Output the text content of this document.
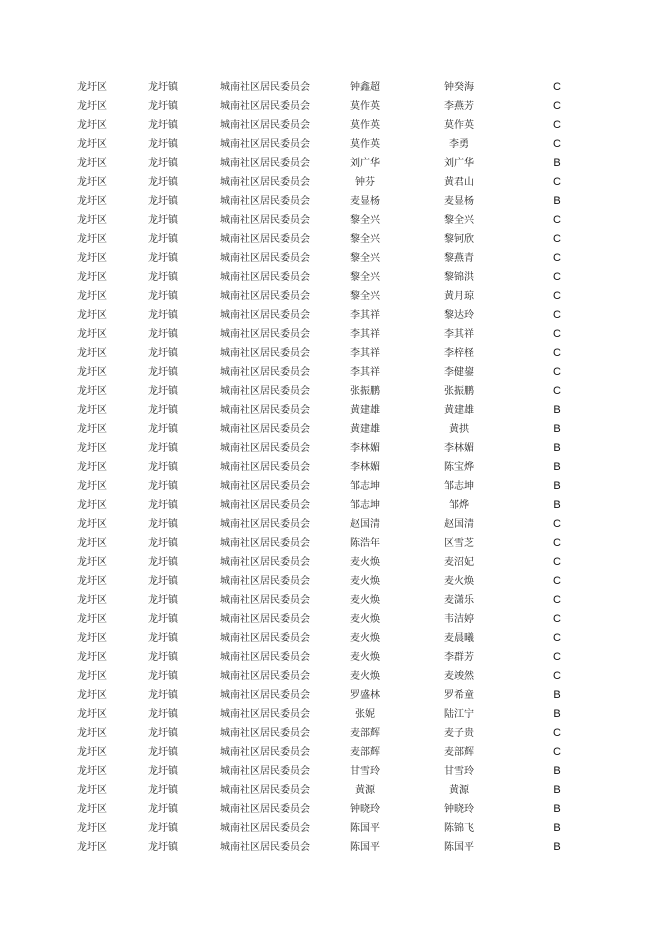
龙圩区	龙圩镇	城南社区居民委员会	钟鑫超	钟癸海	C
龙圩区	龙圩镇	城南社区居民委员会	莫作英	李燕芳	C
龙圩区	龙圩镇	城南社区居民委员会	莫作英	莫作英	C
龙圩区	龙圩镇	城南社区居民委员会	莫作英	李勇	C
龙圩区	龙圩镇	城南社区居民委员会	刘广华	刘广华	B
龙圩区	龙圩镇	城南社区居民委员会	钟芬	黄君山	C
龙圩区	龙圩镇	城南社区居民委员会	麦显杨	麦显杨	B
龙圩区	龙圩镇	城南社区居民委员会	黎全兴	黎全兴	C
龙圩区	龙圩镇	城南社区居民委员会	黎全兴	黎钶欣	C
龙圩区	龙圩镇	城南社区居民委员会	黎全兴	黎燕青	C
龙圩区	龙圩镇	城南社区居民委员会	黎全兴	黎锦洪	C
龙圩区	龙圩镇	城南社区居民委员会	黎全兴	黄月琼	C
龙圩区	龙圩镇	城南社区居民委员会	李其祥	黎达玲	C
龙圩区	龙圩镇	城南社区居民委员会	李其祥	李其祥	C
龙圩区	龙圩镇	城南社区居民委员会	李其祥	李梓柽	C
龙圩区	龙圩镇	城南社区居民委员会	李其祥	李健鋆	C
龙圩区	龙圩镇	城南社区居民委员会	张振鹏	张振鹏	C
龙圩区	龙圩镇	城南社区居民委员会	黄建雄	黄建雄	B
龙圩区	龙圩镇	城南社区居民委员会	黄建雄	黄拱	B
龙圩区	龙圩镇	城南社区居民委员会	李林媚	李林媚	B
龙圩区	龙圩镇	城南社区居民委员会	李林媚	陈宝烨	B
龙圩区	龙圩镇	城南社区居民委员会	邹志坤	邹志坤	B
龙圩区	龙圩镇	城南社区居民委员会	邹志坤	邹烨	B
龙圩区	龙圩镇	城南社区居民委员会	赵国清	赵国清	C
龙圩区	龙圩镇	城南社区居民委员会	陈浩年	区雪芝	C
龙圩区	龙圩镇	城南社区居民委员会	麦火焕	麦沼妃	C
龙圩区	龙圩镇	城南社区居民委员会	麦火焕	麦火焕	C
龙圩区	龙圩镇	城南社区居民委员会	麦火焕	麦潇乐	C
龙圩区	龙圩镇	城南社区居民委员会	麦火焕	韦洁婷	C
龙圩区	龙圩镇	城南社区居民委员会	麦火焕	麦晨曦	C
龙圩区	龙圩镇	城南社区居民委员会	麦火焕	李群芳	C
龙圩区	龙圩镇	城南社区居民委员会	麦火焕	麦竣然	C
龙圩区	龙圩镇	城南社区居民委员会	罗盛林	罗希童	B
龙圩区	龙圩镇	城南社区居民委员会	张妮	陆江宁	B
龙圩区	龙圩镇	城南社区居民委员会	麦部辉	麦子贵	C
龙圩区	龙圩镇	城南社区居民委员会	麦部辉	麦部辉	C
龙圩区	龙圩镇	城南社区居民委员会	甘雪玲	甘雪玲	B
龙圩区	龙圩镇	城南社区居民委员会	黄源	黄源	B
龙圩区	龙圩镇	城南社区居民委员会	钟晓玲	钟晓玲	B
龙圩区	龙圩镇	城南社区居民委员会	陈国平	陈锦飞	B
龙圩区	龙圩镇	城南社区居民委员会	陈国平	陈国平	B
